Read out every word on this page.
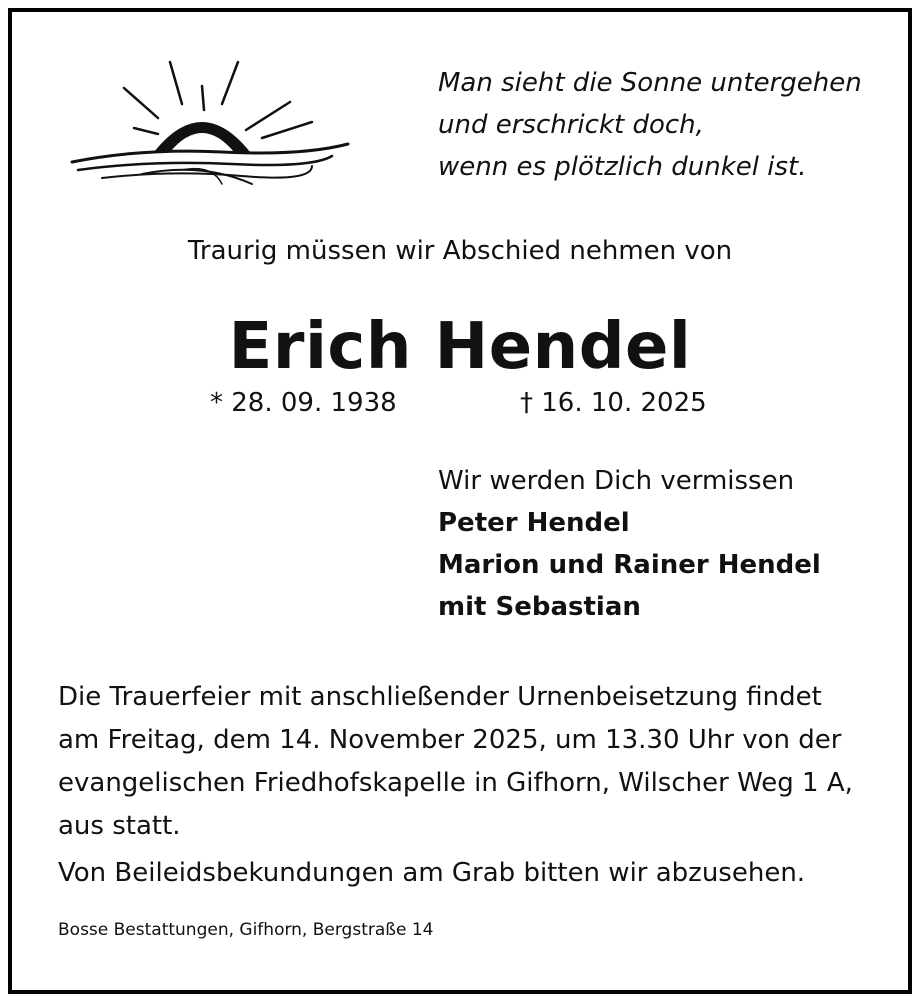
Man sieht die Sonne untergehen
und erschrickt doch,
wenn es plötzlich dunkel ist.
Traurig müssen wir Abschied nehmen von
Erich Hendel
* 28. 09. 1938	† 16. 10. 2025
Wir werden Dich vermissen
Peter Hendel
Marion und Rainer Hendel
mit Sebastian
Die Trauerfeier mit anschließender Urnenbeisetzung findet
am Freitag, dem 14. November 2025, um 13.30 Uhr von der
evangelischen Friedhofskapelle in Gifhorn, Wilscher Weg 1 A,
aus statt.
Von Beileidsbekundungen am Grab bitten wir abzusehen.
Bosse Bestattungen, Gifhorn, Bergstraße 14
